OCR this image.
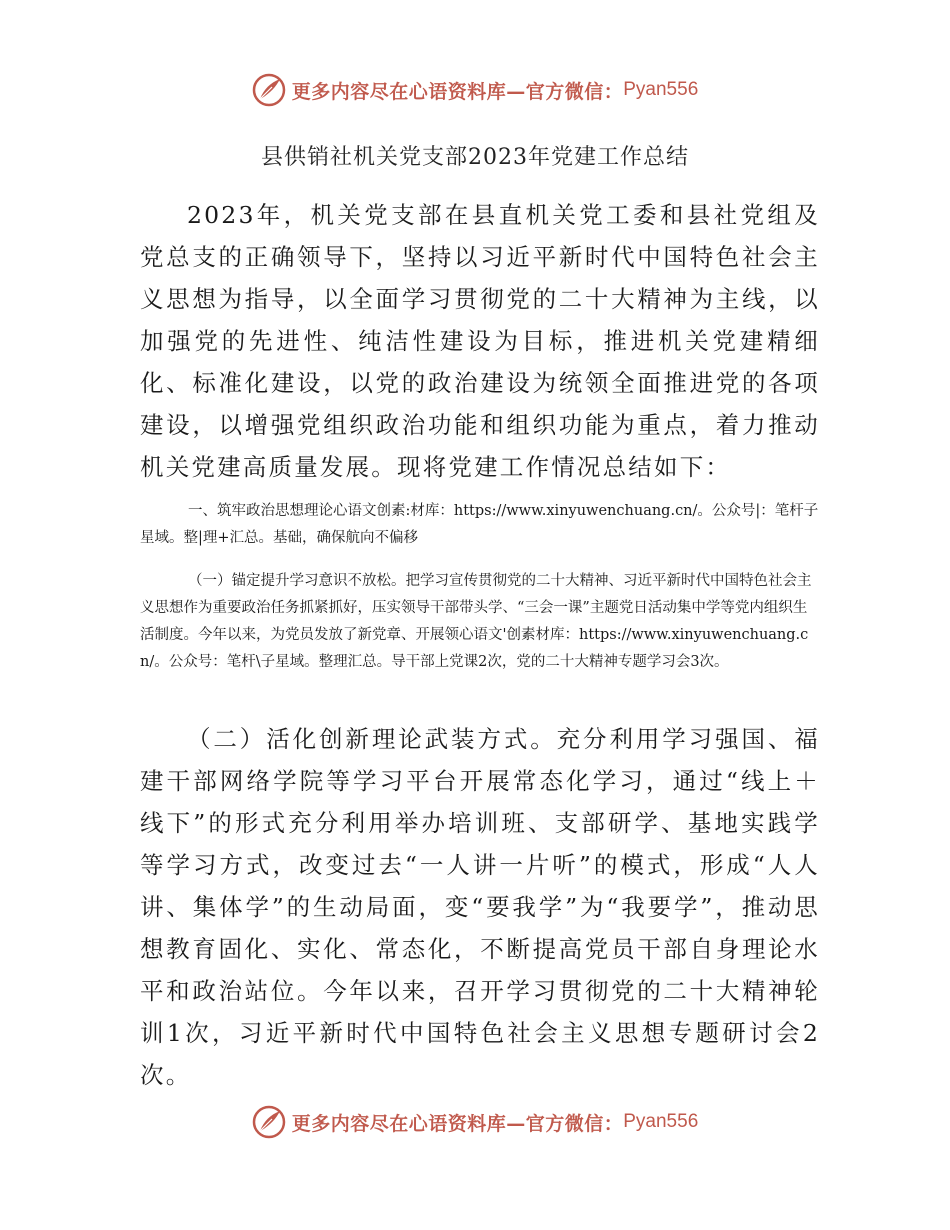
更多内容尽在心语资料库—官方微信： Pyan556
县供销社机关党支部2023年党建工作总结

2023年，机关党支部在县直机关党工委和县社党组及党总支的正确领导下，坚持以习近平新时代中国特色社会主义思想为指导，以全面学习贯彻党的二十大精神为主线，以加强党的先进性、纯洁性建设为目标，推进机关党建精细化、标准化建设，以党的政治建设为统领全面推进党的各项建设，以增强党组织政治功能和组织功能为重点，着力推动机关党建高质量发展。现将党建工作情况总结如下：

一、筑牢政治思想理论心语文创素:材库：https://www.xinyuwenchuang.cn/。公众号|：笔杆子星域。整|理+汇总。基础，确保航向不偏移

（一）锚定提升学习意识不放松。把学习宣传贯彻党的二十大精神、习近平新时代中国特色社会主义思想作为重要政治任务抓紧抓好，压实领导干部带头学、“三会一课”主题党日活动集中学等党内组织生活制度。今年以来，为党员发放了新党章、开展领心语文'创素材库：https://www.xinyuwenchuang.cn/。公众号：笔杆\子星域。整理汇总。导干部上党课2次，党的二十大精神专题学习会3次。

（二）活化创新理论武装方式。充分利用学习强国、福建干部网络学院等学习平台开展常态化学习，通过“线上＋线下”的形式充分利用举办培训班、支部研学、基地实践学等学习方式，改变过去“一人讲一片听”的模式，形成“人人讲、集体学”的生动局面，变“要我学”为“我要学”，推动思想教育固化、实化、常态化，不断提高党员干部自身理论水平和政治站位。今年以来，召开学习贯彻党的二十大精神轮训1次，习近平新时代中国特色社会主义思想专题研讨会2次。

更多内容尽在心语资料库—官方微信： Pyan556
